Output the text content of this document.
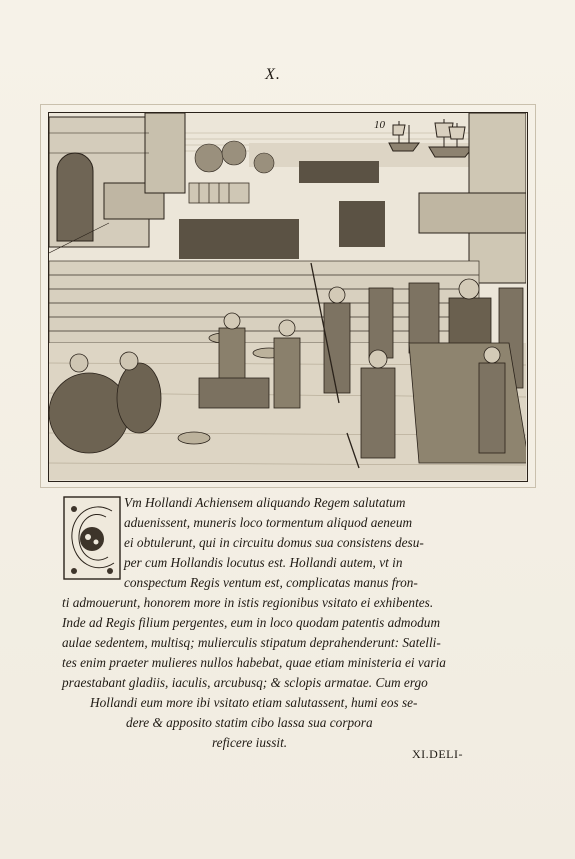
X.
10
Vm Hollandi Achiensem aliquando Regem salutatum
aduenissent, muneris loco tormentum aliquod aeneum
ei obtulerunt, qui in circuitu domus sua consistens desu-
per cum Hollandis locutus est. Hollandi autem, vt in
conspectum Regis ventum est, complicatas manus fron-
ti admouerunt, honorem more in istis regionibus vsitato ei exhibentes.
Inde ad Regis filium pergentes, eum in loco quodam patentis admodum
aulae sedentem, multisq; mulierculis stipatum deprahenderunt: Satelli-
tes enim praeter mulieres nullos habebat, quae etiam ministeria ei varia
praestabant gladiis, iaculis, arcubusq; & sclopis armatae. Cum ergo
Hollandi eum more ibi vsitato etiam salutassent, humi eos se-
dere & apposito statim cibo lassa sua corpora
reficere iussit.
XI.DELI-
